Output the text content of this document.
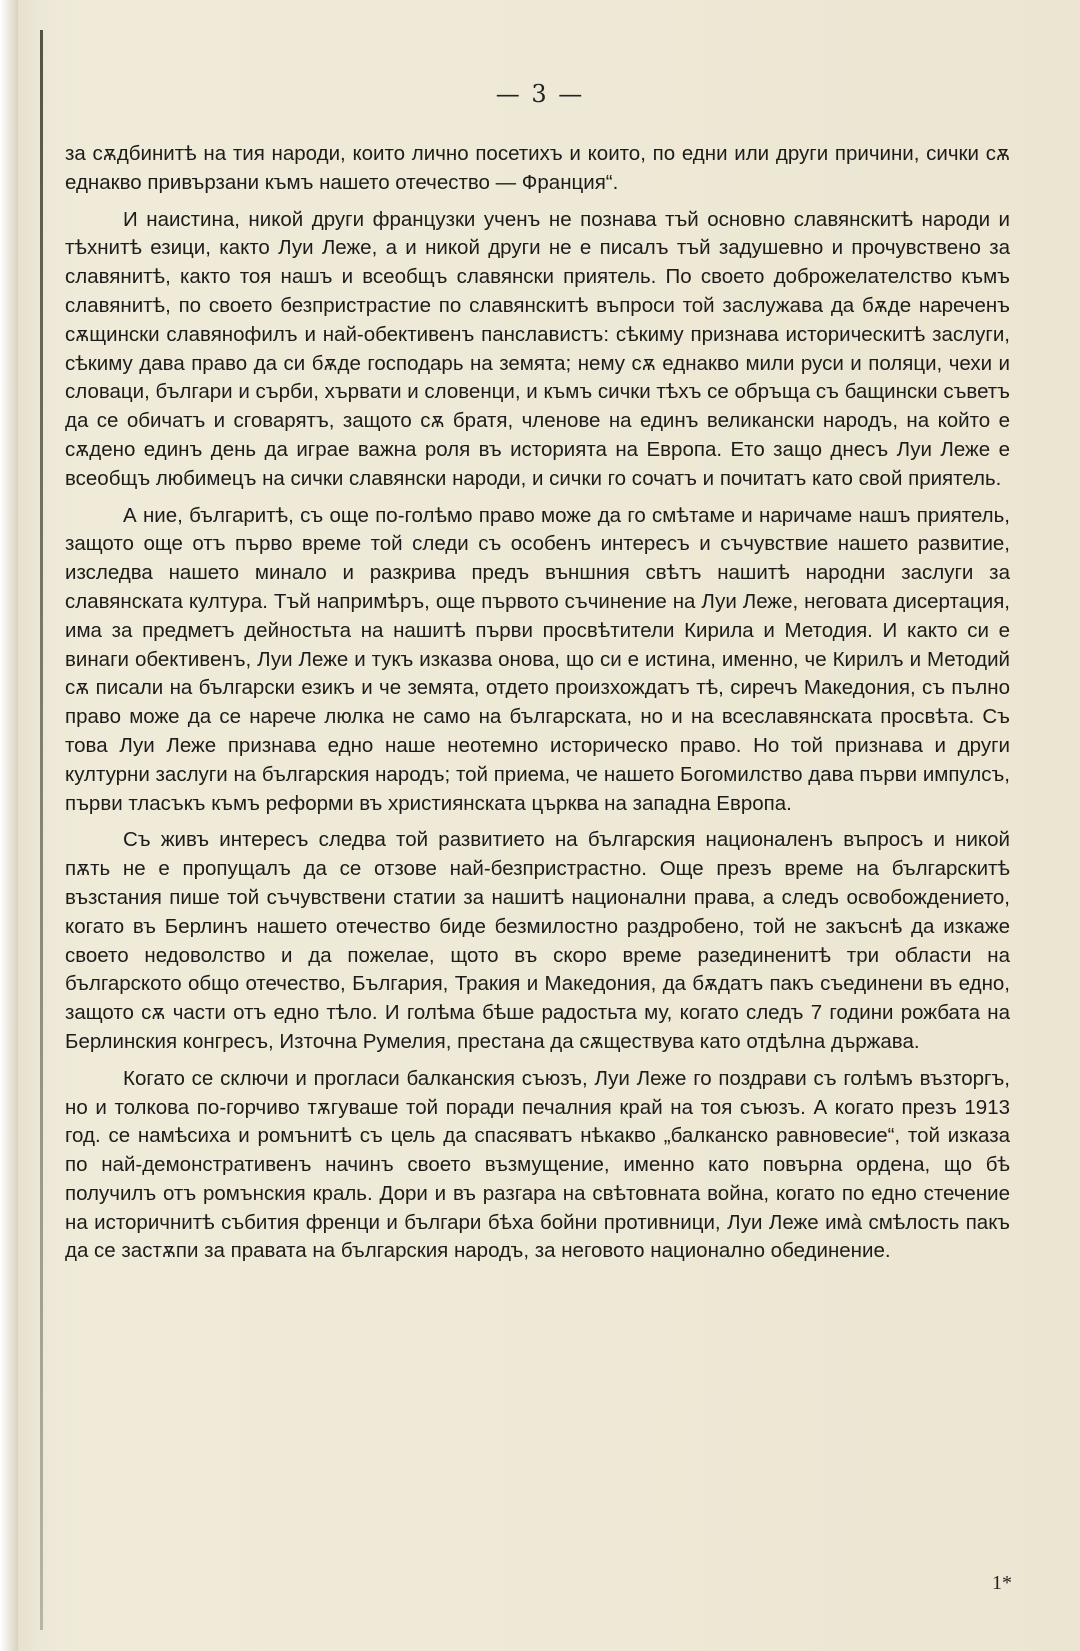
— 3 —

за сѫдбинитѣ на тия народи, които лично посетихъ и които, по едни или други причини, сички сѫ еднакво привързани къмъ нашето отечество — Франция“.

И наистина, никой други французки ученъ не познава тъй основно славянскитѣ народи и тѣхнитѣ езици, както Луи Леже, а и никой други не е писалъ тъй задушевно и прочувствено за славянитѣ, както тоя нашъ и всеобщъ славянски приятель. По своето доброжелателство къмъ славянитѣ, по своето безпристрастие по славянскитѣ въпроси той заслужава да бѫде нареченъ сѫщински славянофилъ и най-обективенъ панславистъ: сѣкиму признава историческитѣ заслуги, сѣкиму дава право да си бѫде господарь на земята; нему сѫ еднакво мили руси и поляци, чехи и словаци, българи и сърби, хървати и словенци, и къмъ сички тѣхъ се обръща съ бащински съветъ да се обичатъ и сговарятъ, защото сѫ братя, членове на единъ великански народъ, на който е сѫдено единъ день да играе важна роля въ историята на Европа. Ето защо днесъ Луи Леже е всеобщъ любимецъ на сички славянски народи, и сички го сочатъ и почитатъ като свой приятель.

А ние, българитѣ, съ още по-голѣмо право може да го смѣтаме и наричаме нашъ приятель, защото още отъ първо време той следи съ особенъ интересъ и съчувствие нашето развитие, изследва нашето минало и разкрива предъ външния свѣтъ нашитѣ народни заслуги за славянската култура. Тъй напримѣръ, още първото съчинение на Луи Леже, неговата дисертация, има за предметъ дейностьта на нашитѣ първи просвѣтители Кирила и Методия. И както си е винаги обективенъ, Луи Леже и тукъ изказва онова, що си е истина, именно, че Кирилъ и Методий сѫ писали на български езикъ и че земята, отдето произхождатъ тѣ, сиречъ Македония, съ пълно право може да се нарече люлка не само на българската, но и на всеславянската просвѣта. Съ това Луи Леже признава едно наше неотемно историческо право. Но той признава и други културни заслуги на българския народъ; той приема, че нашето Богомилство дава първи импулсъ, първи тласъкъ къмъ реформи въ християнската църква на западна Европа.

Съ живъ интересъ следва той развитието на българския националенъ въпросъ и никой пѫть не е пропущалъ да се отзове най-безпристрастно. Още презъ време на българскитѣ възстания пише той съчувствени статии за нашитѣ национални права, а следъ освобождението, когато въ Берлинъ нашето отечество биде безмилостно раздробено, той не закъснѣ да изкаже своето недоволство и да пожелае, щото въ скоро време разединенитѣ три области на българското общо отечество, България, Тракия и Македония, да бѫдатъ пакъ съединени въ едно, защото сѫ части отъ едно тѣло. И голѣма бѣше радостьта му, когато следъ 7 години рожбата на Берлинския конгресъ, Източна Румелия, престана да сѫществува като отдѣлна държава.

Когато се сключи и прогласи балканския съюзъ, Луи Леже го поздрави съ голѣмъ възторгъ, но и толкова по-горчиво тѫгуваше той поради печалния край на тоя съюзъ. А когато презъ 1913 год. се намѣсиха и ромънитѣ съ цель да спасяватъ нѣкакво „балканско равновесие“, той изказа по най-демонстративенъ начинъ своето възмущение, именно като повърна ордена, що бѣ получилъ отъ ромънския краль. Дори и въ разгара на свѣтовната война, когато по едно стечение на историчнитѣ събития френци и българи бѣха бойни противници, Луи Леже имà смѣлость пакъ да се застѫпи за правата на българския народъ, за неговото национално обединение.

1*
